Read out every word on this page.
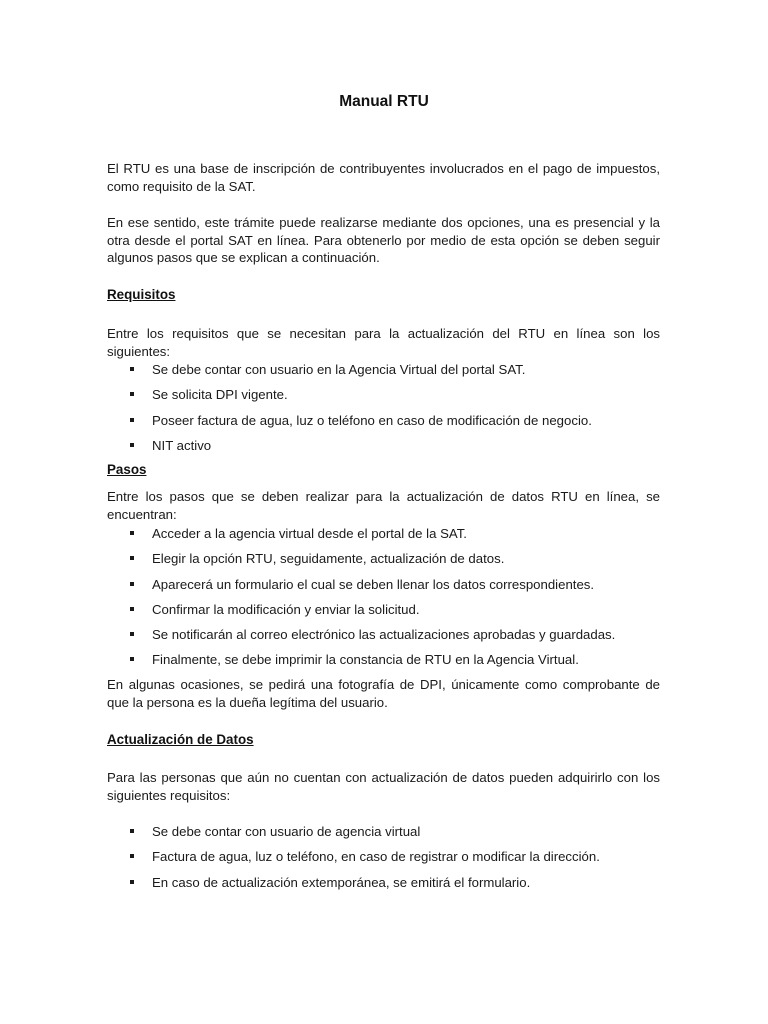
Manual RTU

El RTU es una base de inscripción de contribuyentes involucrados en el pago de impuestos, como requisito de la SAT.

En ese sentido, este trámite puede realizarse mediante dos opciones, una es presencial y la otra desde el portal SAT en línea. Para obtenerlo por medio de esta opción se deben seguir algunos pasos que se explican a continuación.

Requisitos

Entre los requisitos que se necesitan para la actualización del RTU en línea son los siguientes:

Se debe contar con usuario en la Agencia Virtual del portal SAT.
Se solicita DPI vigente.
Poseer factura de agua, luz o teléfono en caso de modificación de negocio.
NIT activo
Pasos

Entre los pasos que se deben realizar para la actualización de datos RTU en línea, se encuentran:

Acceder a la agencia virtual desde el portal de la SAT.
Elegir la opción RTU, seguidamente, actualización de datos.
Aparecerá un formulario el cual se deben llenar los datos correspondientes.
Confirmar la modificación y enviar la solicitud.
Se notificarán al correo electrónico las actualizaciones aprobadas y guardadas.
Finalmente, se debe imprimir la constancia de RTU en la Agencia Virtual.

En algunas ocasiones, se pedirá una fotografía de DPI, únicamente como comprobante de que la persona es la dueña legítima del usuario.

Actualización de Datos

Para las personas que aún no cuentan con actualización de datos pueden adquirirlo con los siguientes requisitos:

Se debe contar con usuario de agencia virtual
Factura de agua, luz o teléfono, en caso de registrar o modificar la dirección.
En caso de actualización extemporánea, se emitirá el formulario.
